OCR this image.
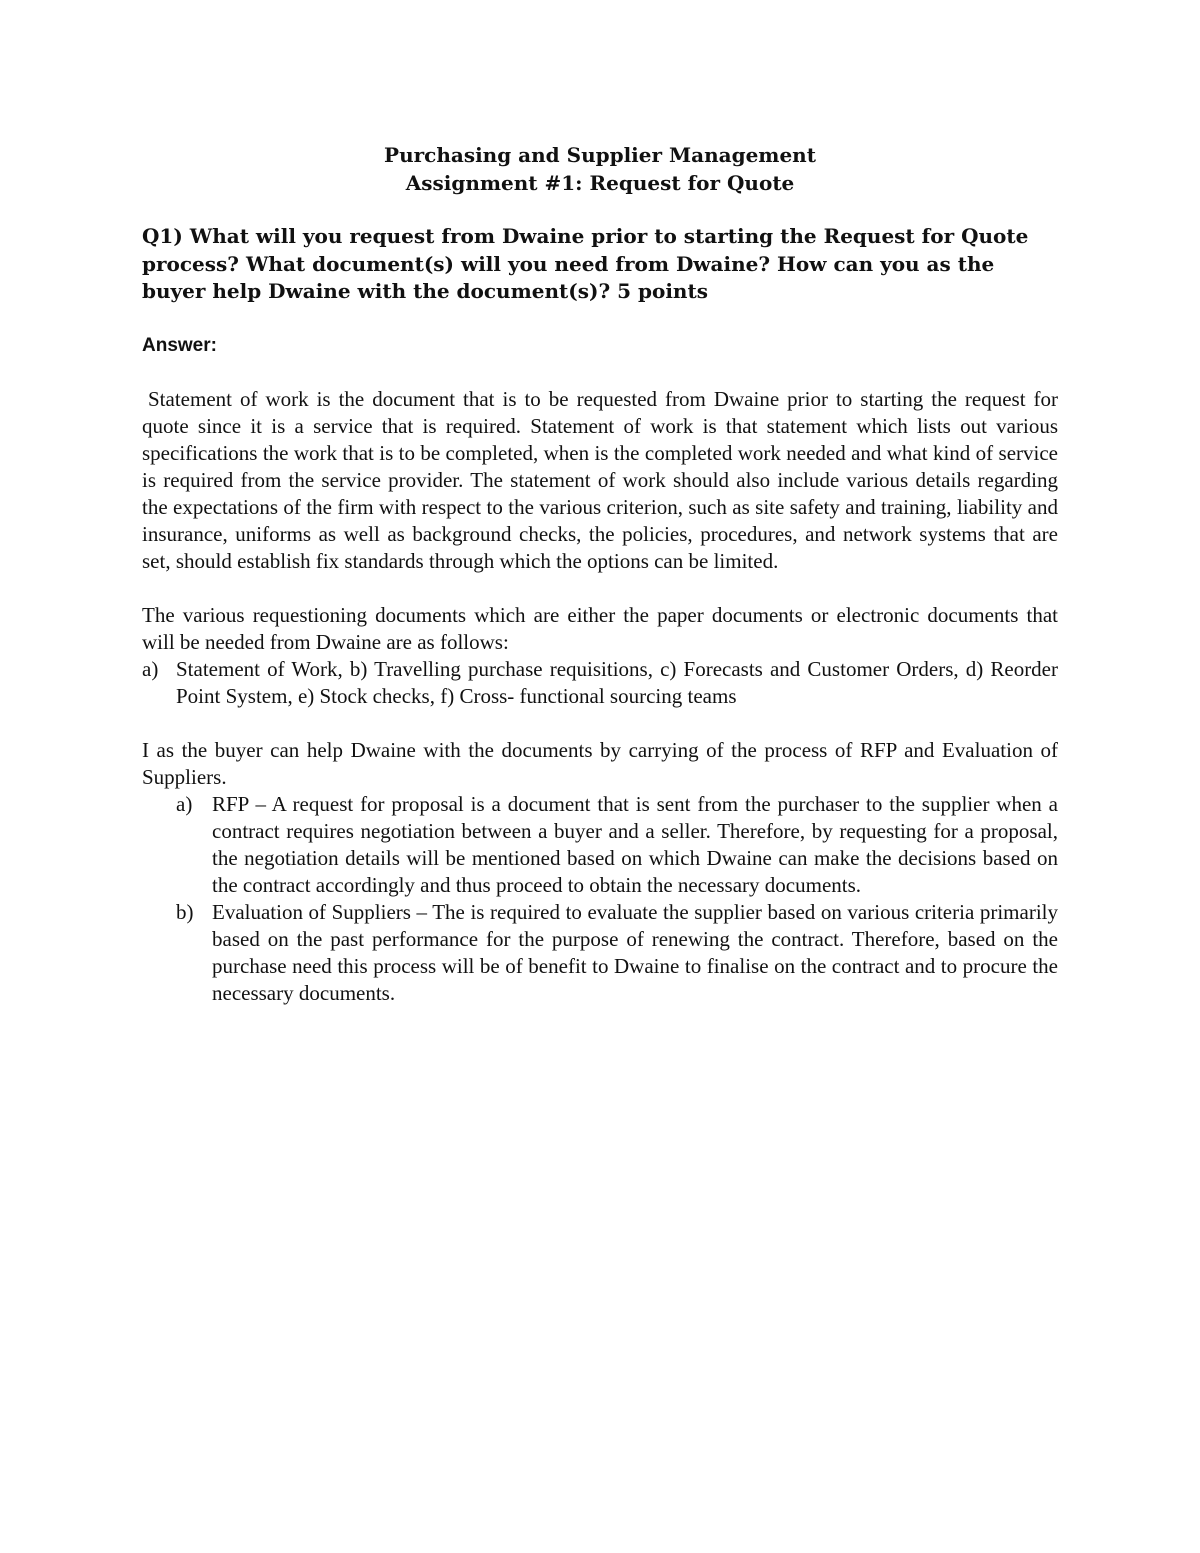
Purchasing and Supplier Management
Assignment #1: Request for Quote
Q1) What will you request from Dwaine prior to starting the Request for Quote process? What document(s) will you need from Dwaine? How can you as the buyer help Dwaine with the document(s)? 5 points
Answer:
Statement of work is the document that is to be requested from Dwaine prior to starting the request for quote since it is a service that is required. Statement of work is that statement which lists out various specifications the work that is to be completed, when is the completed work needed and what kind of service is required from the service provider. The statement of work should also include various details regarding the expectations of the firm with respect to the various criterion, such as site safety and training, liability and insurance, uniforms as well as background checks, the policies, procedures, and network systems that are set, should establish fix standards through which the options can be limited.
The various requestioning documents which are either the paper documents or electronic documents that will be needed from Dwaine are as follows:
a) Statement of Work, b) Travelling purchase requisitions, c) Forecasts and Customer Orders, d) Reorder Point System, e) Stock checks, f) Cross- functional sourcing teams
I as the buyer can help Dwaine with the documents by carrying of the process of RFP and Evaluation of Suppliers.
a) RFP – A request for proposal is a document that is sent from the purchaser to the supplier when a contract requires negotiation between a buyer and a seller. Therefore, by requesting for a proposal, the negotiation details will be mentioned based on which Dwaine can make the decisions based on the contract accordingly and thus proceed to obtain the necessary documents.
b) Evaluation of Suppliers – The is required to evaluate the supplier based on various criteria primarily based on the past performance for the purpose of renewing the contract. Therefore, based on the purchase need this process will be of benefit to Dwaine to finalise on the contract and to procure the necessary documents.
